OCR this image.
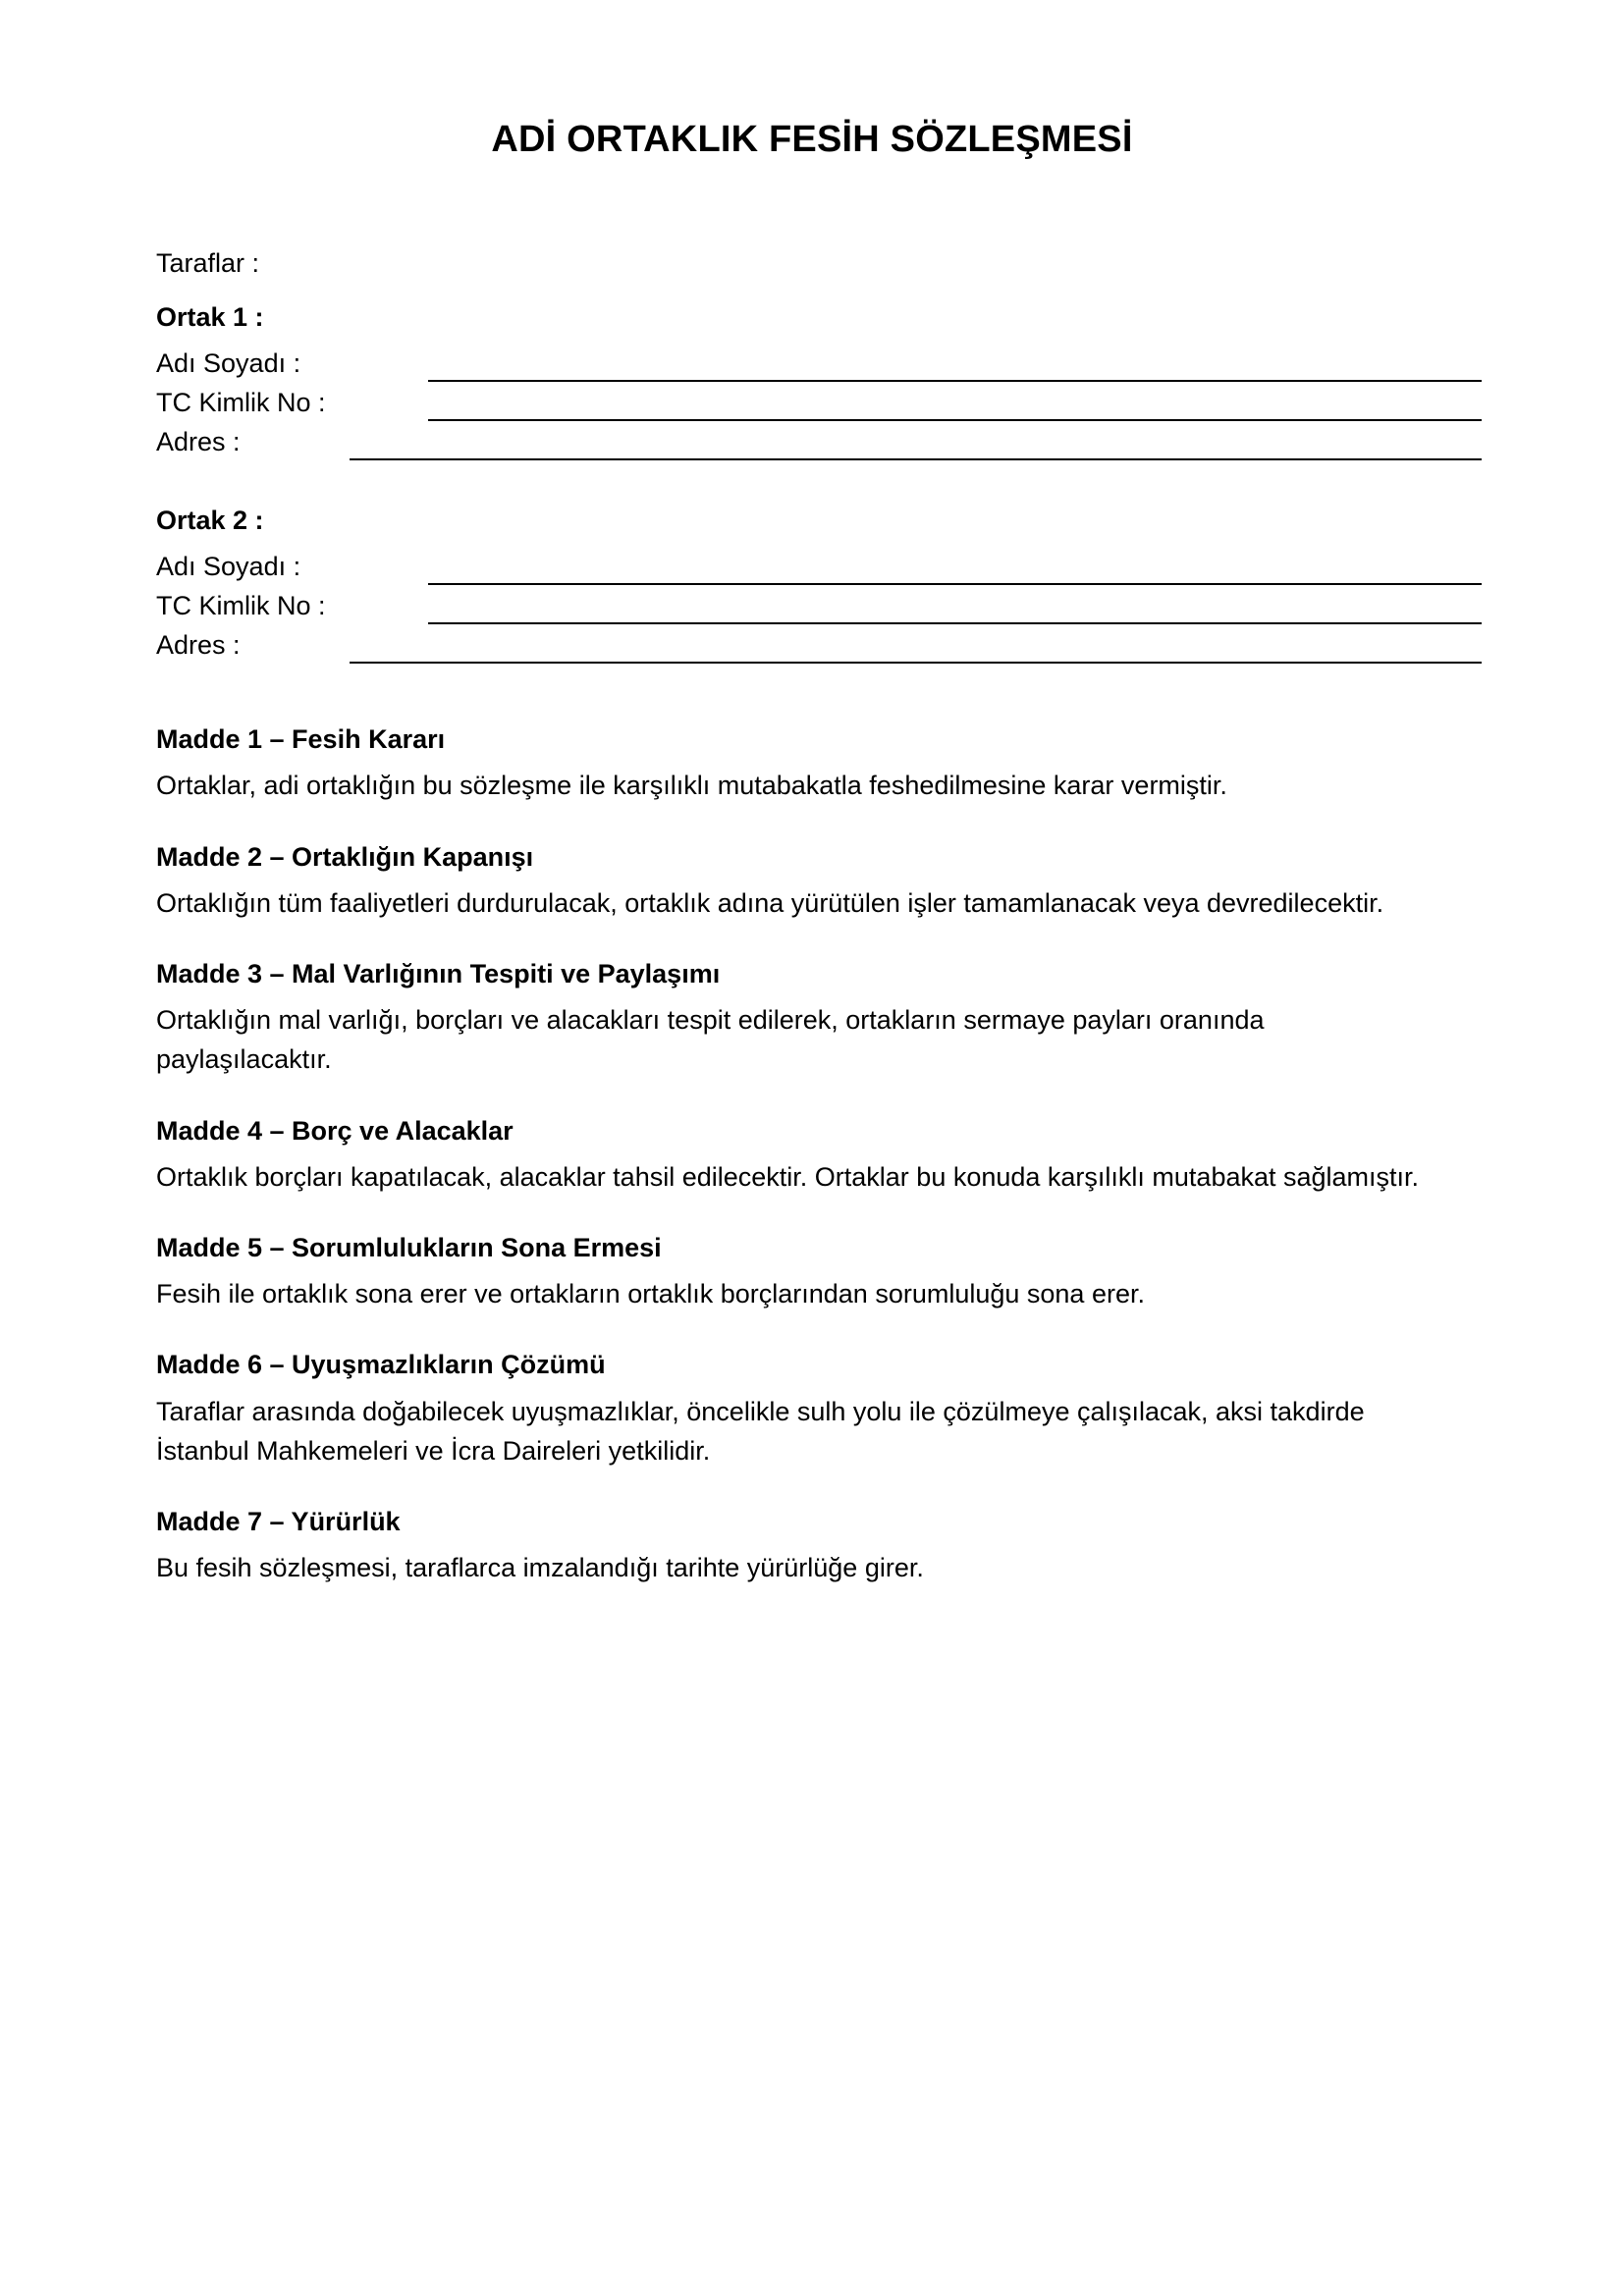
ADİ ORTAKLIK FESİH SÖZLEŞMESİ
Taraflar :
Ortak 1 :
Adı Soyadı :
TC Kimlik No :
Adres :
Ortak 2 :
Adı Soyadı :
TC Kimlik No :
Adres :
Madde 1 – Fesih Kararı
Ortaklar, adi ortaklığın bu sözleşme ile karşılıklı mutabakatla feshedilmesine karar vermiştir.
Madde 2 – Ortaklığın Kapanışı
Ortaklığın tüm faaliyetleri durdurulacak, ortaklık adına yürütülen işler tamamlanacak veya devredilecektir.
Madde 3 – Mal Varlığının Tespiti ve Paylaşımı
Ortaklığın mal varlığı, borçları ve alacakları tespit edilerek, ortakların sermaye payları oranında
paylaşılacaktır.
Madde 4 – Borç ve Alacaklar
Ortaklık borçları kapatılacak, alacaklar tahsil edilecektir. Ortaklar bu konuda karşılıklı mutabakat sağlamıştır.
Madde 5 – Sorumlulukların Sona Ermesi
Fesih ile ortaklık sona erer ve ortakların ortaklık borçlarından sorumluluğu sona erer.
Madde 6 – Uyuşmazlıkların Çözümü
Taraflar arasında doğabilecek uyuşmazlıklar, öncelikle sulh yolu ile çözülmeye çalışılacak, aksi takdirde
İstanbul Mahkemeleri ve İcra Daireleri yetkilidir.
Madde 7 – Yürürlük
Bu fesih sözleşmesi, taraflarca imzalandığı tarihte yürürlüğe girer.
